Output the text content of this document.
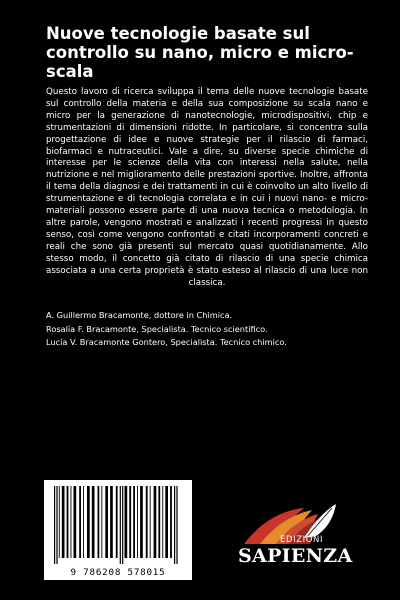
Nuove tecnologie basate sul controllo su nano, micro e micro-scala

Questo lavoro di ricerca sviluppa il tema delle nuove tecnologie basate sul controllo della materia e della sua composizione su scala nano e micro per la generazione di nanotecnologie, microdispositivi, chip e strumentazioni di dimensioni ridotte. In particolare, si concentra sulla progettazione di idee e nuove strategie per il rilascio di farmaci, biofarmaci e nutraceutici. Vale a dire, su diverse specie chimiche di interesse per le scienze della vita con interessi nella salute, nella nutrizione e nel miglioramento delle prestazioni sportive. Inoltre, affronta il tema della diagnosi e dei trattamenti in cui è coinvolto un alto livello di strumentazione e di tecnologia correlata e in cui i nuovi nano- e micro-materiali possono essere parte di una nuova tecnica o metodologia. In altre parole, vengono mostrati e analizzati i recenti progressi in questo senso, così come vengono confrontati e citati incorporamenti concreti e reali che sono già presenti sul mercato quasi quotidianamente. Allo stesso modo, il concetto già citato di rilascio di una specie chimica associata a una certa proprietà è stato esteso al rilascio di una luce non classica.

A. Guillermo Bracamonte, dottore in Chimica.
Rosalía F. Bracamonte, Specialista. Tecnico scientifico.
Lucía V. Bracamonte Gontero, Specialista. Tecnico chimico.
9 786208 578015
EDIZIONI
SAPIENZA
